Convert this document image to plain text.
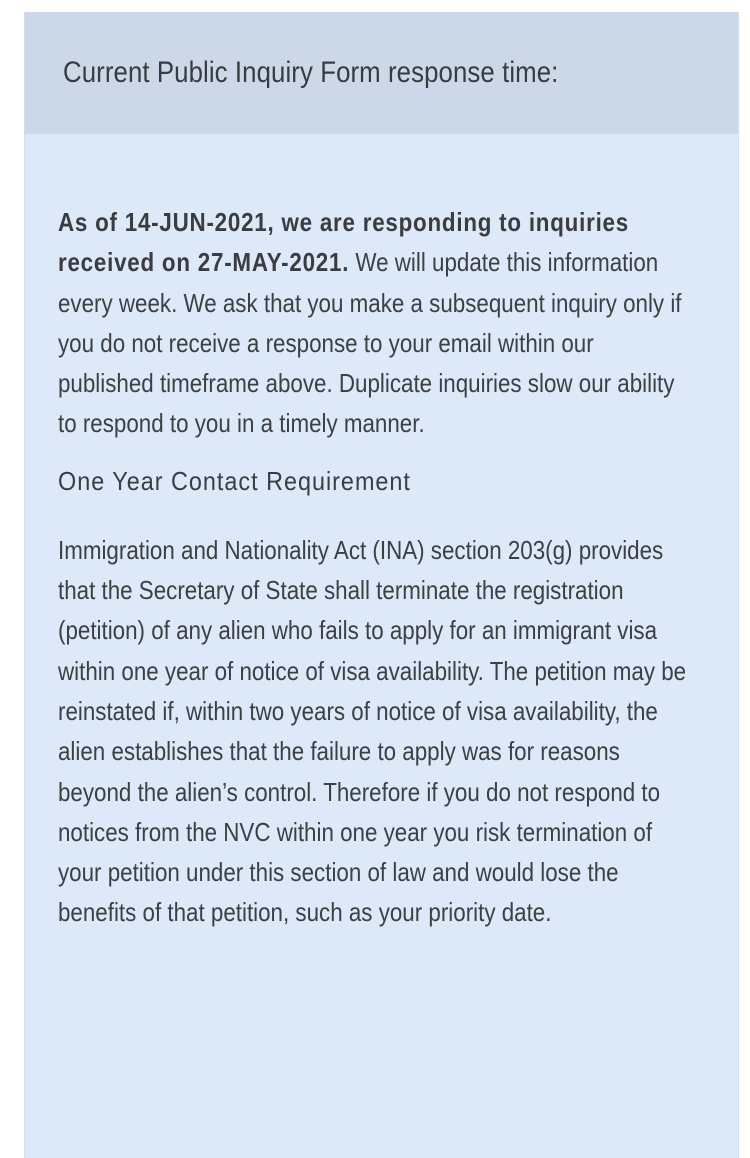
Current Public Inquiry Form response time:

As of 14-JUN-2021, we are responding to inquiries received on 27-MAY-2021. We will update this information every week. We ask that you make a subsequent inquiry only if you do not receive a response to your email within our published timeframe above. Duplicate inquiries slow our ability to respond to you in a timely manner.

One Year Contact Requirement

Immigration and Nationality Act (INA) section 203(g) provides that the Secretary of State shall terminate the registration (petition) of any alien who fails to apply for an immigrant visa within one year of notice of visa availability. The petition may be reinstated if, within two years of notice of visa availability, the alien establishes that the failure to apply was for reasons beyond the alien’s control. Therefore if you do not respond to notices from the NVC within one year you risk termination of your petition under this section of law and would lose the benefits of that petition, such as your priority date.
